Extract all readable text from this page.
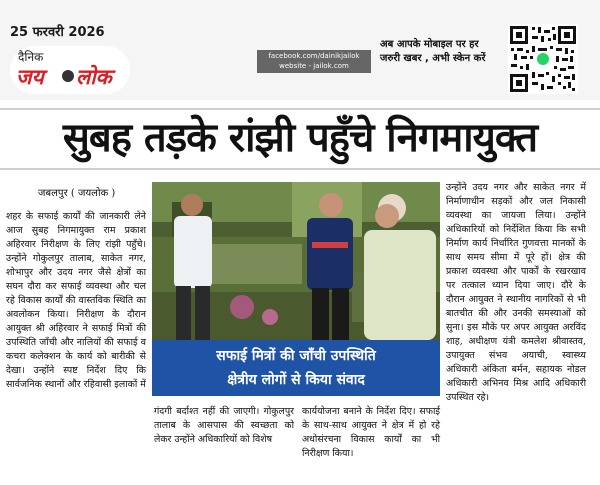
25 फरवरी 2026
दैनिक
जय लोक
facebook.com/dainikjailok
website - jailok.com
अब आपके मोबाइल पर हर
जरुरी खबर , अभी स्केन करें
सुबह तड़के रांझी पहुँचे निगमायुक्त
जबलपुर ( जयलोक )
शहर के सफाई कार्यों की जानकारी लेने आज सुबह निगमायुक्त राम प्रकाश अहिरवार निरीक्षण के लिए रांझी पहुँचे। उन्होंने गोकुलपुर तालाब, साकेत नगर, शोभापुर और उदय नगर जैसे क्षेत्रों का सघन दौरा कर सफाई व्यवस्था और चल रहे विकास कार्यों की वास्तविक स्थिति का अवलोकन किया। निरीक्षण के दौरान आयुक्त श्री अहिरवार ने सफाई मित्रों की उपस्थिति जाँची और नालियों की सफाई व कचरा कलेक्शन के कार्य को बारीकी से देखा। उन्होंने स्पष्ट निर्देश दिए कि सार्वजनिक स्थानों और रहिवासी इलाकों में
सफाई मित्रों की जाँची उपस्थिति
क्षेत्रीय लोगों से किया संवाद
गंदगी बर्दाश्त नहीं की जाएगी। गोकुलपुर तालाब के आसपास की स्वच्छता को लेकर उन्होंने अधिकारियों को विशेष
कार्ययोजना बनाने के निर्देश दिए। सफाई के साथ-साथ आयुक्त ने क्षेत्र में हो रहे अधोसंरचना विकास कार्यों का भी निरीक्षण किया।
उन्होंने उदय नगर और साकेत नगर में निर्माणाधीन सड़कों और जल निकासी व्यवस्था का जायजा लिया। उन्होंने अधिकारियों को निर्देशित किया कि सभी निर्माण कार्य निर्धारित गुणवत्ता मानकों के साथ समय सीमा में पूरे हों। क्षेत्र की प्रकाश व्यवस्था और पार्कों के रखरखाव पर तत्काल ध्यान दिया जाए। दौरे के दौरान आयुक्त ने स्थानीय नागरिकों से भी बातचीत की और उनकी समस्याओं को सुना। इस मौके पर अपर आयुक्त अरविंद शाह, अधीक्षण यंत्री कमलेश श्रीवास्तव, उपायुक्त संभव अयाची, स्वास्थ्य अधिकारी अंकिता बर्मन, सहायक नोडल अधिकारी अभिनव मिश्र आदि अधिकारी उपस्थित रहे।
